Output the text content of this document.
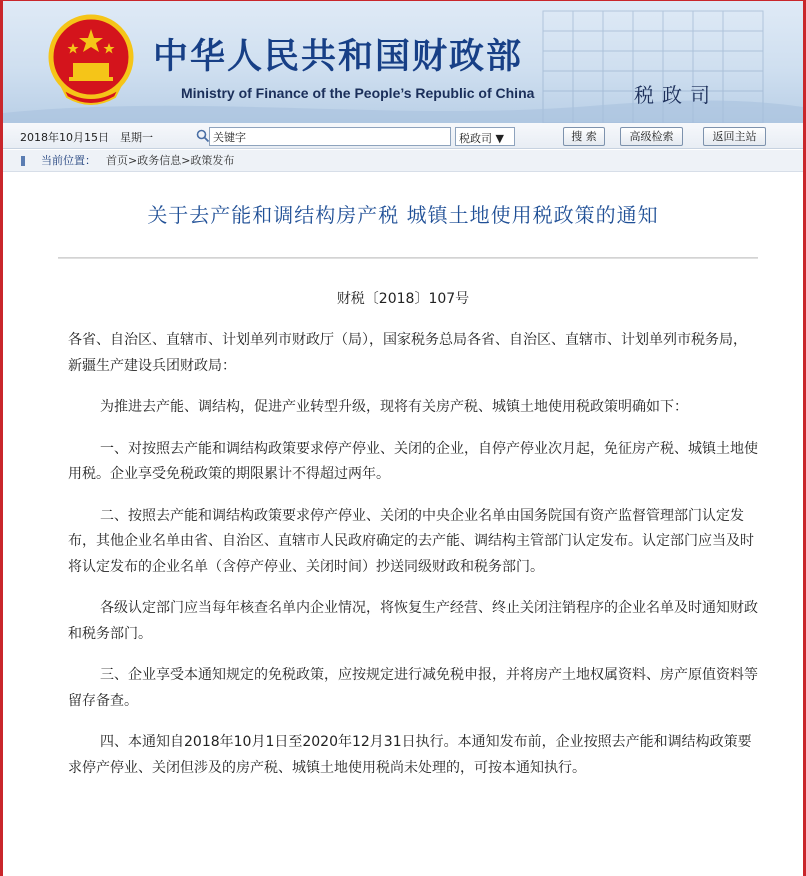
中华人民共和国财政部
Ministry of Finance of the People’s Republic of China	税政司
2018年10月15日　星期一	关键字	税政司 ▼	搜 索	高级检索	返回主站
当前位置： 首页>政务信息>政策发布
关于去产能和调结构房产税 城镇土地使用税政策的通知
财税〔2018〕107号

各省、自治区、直辖市、计划单列市财政厅（局），国家税务总局各省、自治区、直辖市、计划单列市税务局，新疆生产建设兵团财政局：

为推进去产能、调结构，促进产业转型升级，现将有关房产税、城镇土地使用税政策明确如下：

一、对按照去产能和调结构政策要求停产停业、关闭的企业，自停产停业次月起，免征房产税、城镇土地使用税。企业享受免税政策的期限累计不得超过两年。

二、按照去产能和调结构政策要求停产停业、关闭的中央企业名单由国务院国有资产监督管理部门认定发布，其他企业名单由省、自治区、直辖市人民政府确定的去产能、调结构主管部门认定发布。认定部门应当及时将认定发布的企业名单（含停产停业、关闭时间）抄送同级财政和税务部门。

各级认定部门应当每年核查名单内企业情况，将恢复生产经营、终止关闭注销程序的企业名单及时通知财政和税务部门。

三、企业享受本通知规定的免税政策，应按规定进行减免税申报，并将房产土地权属资料、房产原值资料等留存备查。

四、本通知自2018年10月1日至2020年12月31日执行。本通知发布前，企业按照去产能和调结构政策要求停产停业、关闭但涉及的房产税、城镇土地使用税尚未处理的，可按本通知执行。
